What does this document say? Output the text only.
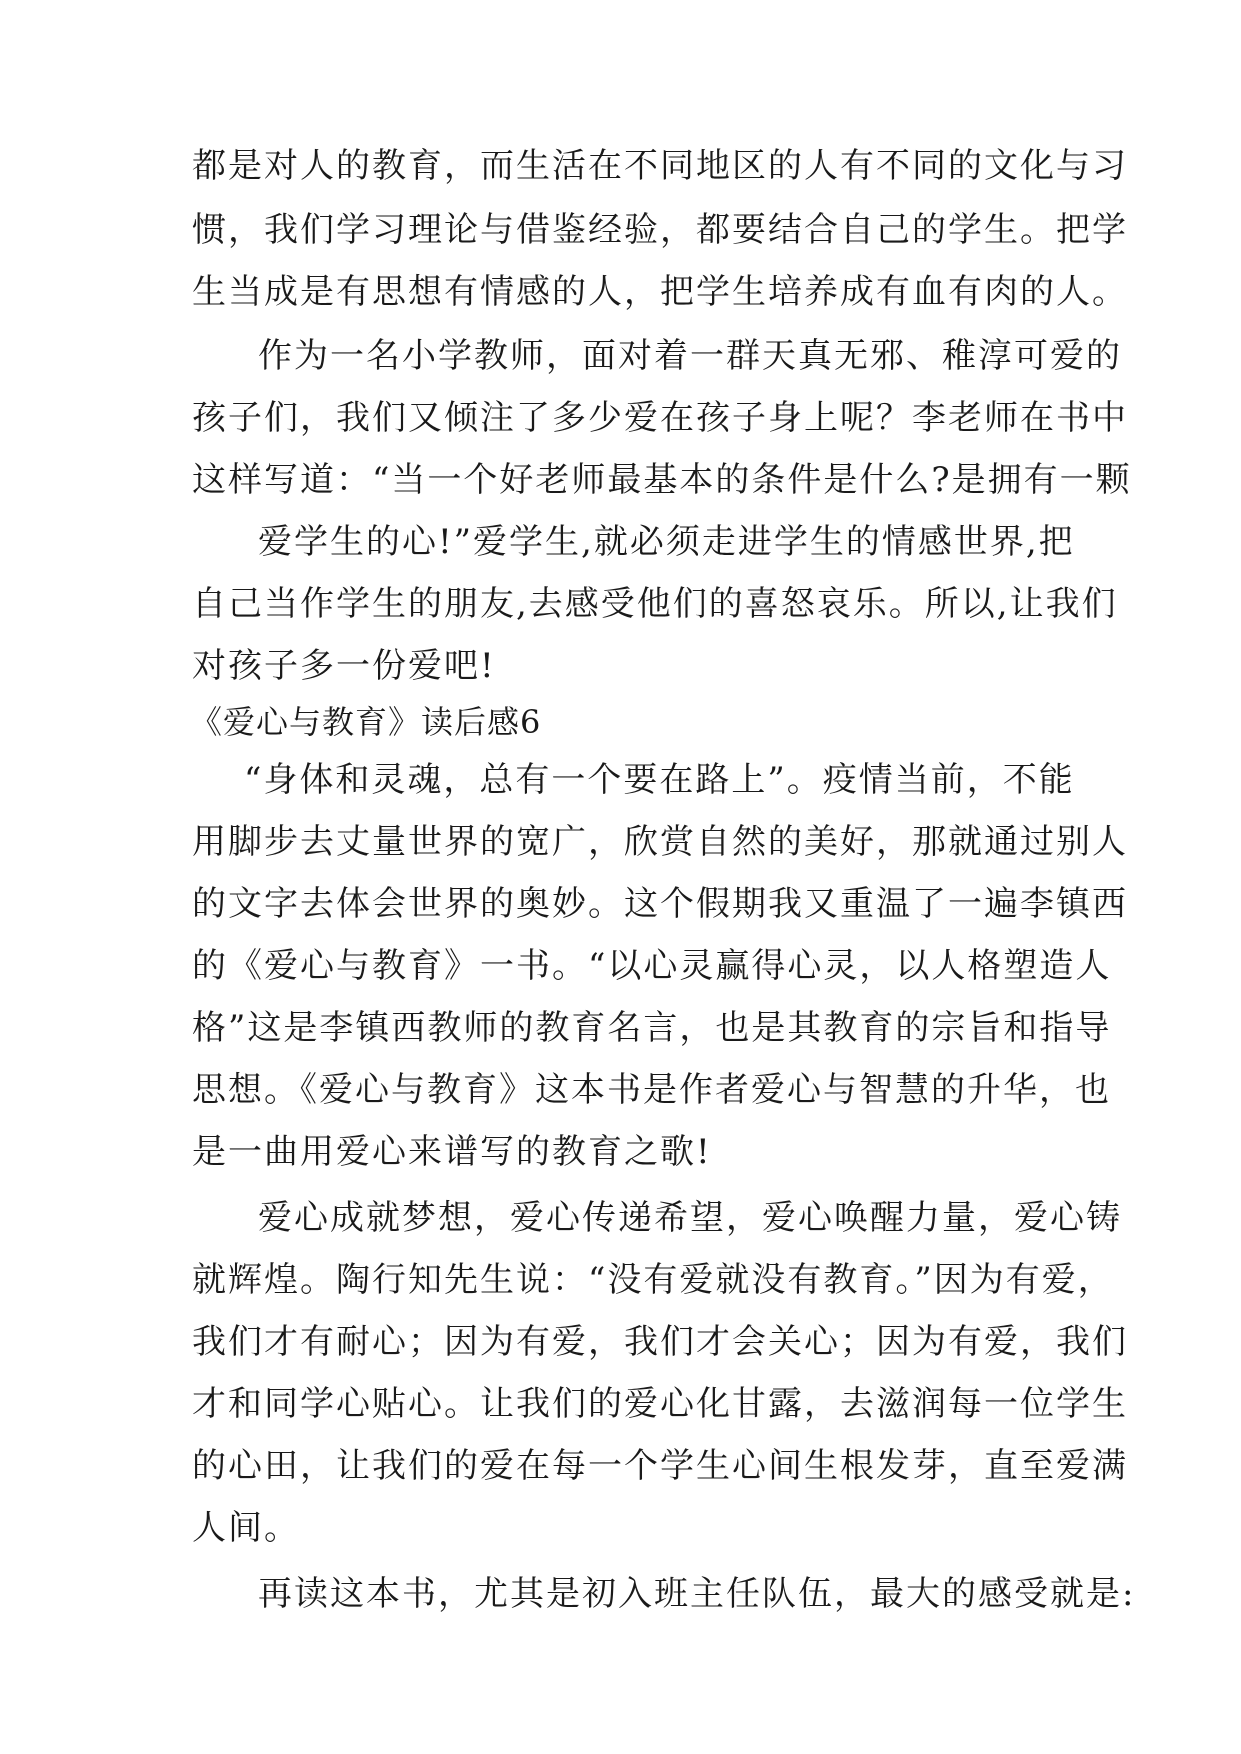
都是对人的教育，而生活在不同地区的人有不同的文化与习
惯，我们学习理论与借鉴经验，都要结合自己的学生。把学
生当成是有思想有情感的人，把学生培养成有血有肉的人。
作为一名小学教师，面对着一群天真无邪、稚淳可爱的
孩子们，我们又倾注了多少爱在孩子身上呢？李老师在书中
这样写道：“当一个好老师最基本的条件是什么?是拥有一颗
爱学生的心!”爱学生,就必须走进学生的情感世界,把
自己当作学生的朋友,去感受他们的喜怒哀乐。所以,让我们
对孩子多一份爱吧!
《爱心与教育》读后感6
“身体和灵魂，总有一个要在路上”。疫情当前，不能
用脚步去丈量世界的宽广，欣赏自然的美好，那就通过别人
的文字去体会世界的奥妙。这个假期我又重温了一遍李镇西
的《爱心与教育》一书。“以心灵赢得心灵，以人格塑造人
格”这是李镇西教师的教育名言，也是其教育的宗旨和指导
思想。《爱心与教育》这本书是作者爱心与智慧的升华，也
是一曲用爱心来谱写的教育之歌!
爱心成就梦想，爱心传递希望，爱心唤醒力量，爱心铸
就辉煌。陶行知先生说：“没有爱就没有教育。”因为有爱，
我们才有耐心；因为有爱，我们才会关心；因为有爱，我们
才和同学心贴心。让我们的爱心化甘露，去滋润每一位学生
的心田，让我们的爱在每一个学生心间生根发芽，直至爱满
人间。
再读这本书，尤其是初入班主任队伍，最大的感受就是:
